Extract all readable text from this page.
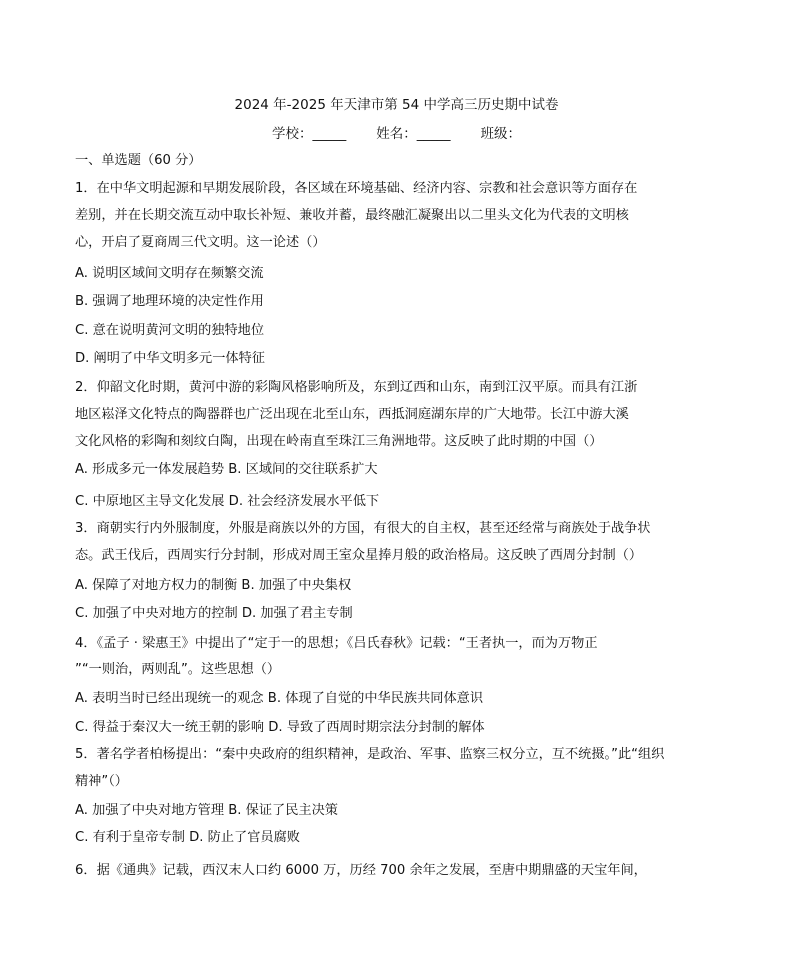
2024 年-2025 年天津市第 54 中学高三历史期中试卷
学校：_____ 姓名：_____ 班级：
一、单选题（60 分）
1．在中华文明起源和早期发展阶段，各区域在环境基础、经济内容、宗教和社会意识等方面存在
差别，并在长期交流互动中取长补短、兼收并蓄，最终融汇凝聚出以二里头文化为代表的文明核
心，开启了夏商周三代文明。这一论述（）
A. 说明区域间文明存在频繁交流
B. 强调了地理环境的决定性作用
C. 意在说明黄河文明的独特地位
D. 阐明了中华文明多元一体特征
2．仰韶文化时期，黄河中游的彩陶风格影响所及，东到辽西和山东，南到江汉平原。而具有江浙
地区崧泽文化特点的陶器群也广泛出现在北至山东，西抵洞庭湖东岸的广大地带。长江中游大溪
文化风格的彩陶和刻纹白陶，出现在岭南直至珠江三角洲地带。这反映了此时期的中国（）
A. 形成多元一体发展趋势 B. 区域间的交往联系扩大
C. 中原地区主导文化发展 D. 社会经济发展水平低下
3．商朝实行内外服制度，外服是商族以外的方国，有很大的自主权，甚至还经常与商族处于战争状
态。武王伐后，西周实行分封制，形成对周王室众星捧月般的政治格局。这反映了西周分封制（）
A. 保障了对地方权力的制衡 B. 加强了中央集权
C. 加强了中央对地方的控制 D. 加强了君主专制
4．《孟子 · 梁惠王》中提出了“定于一的思想；《吕氏春秋》记载：“王者执一，而为万物正
”“一则治，两则乱”。这些思想（）
A. 表明当时已经出现统一的观念 B. 体现了自觉的中华民族共同体意识
C. 得益于秦汉大一统王朝的影响 D. 导致了西周时期宗法分封制的解体
5．著名学者柏杨提出：“秦中央政府的组织精神，是政治、军事、监察三权分立，互不统摄。”此“组织
精神”（）
A. 加强了中央对地方管理 B. 保证了民主决策
C. 有利于皇帝专制 D. 防止了官员腐败
6．据《通典》记载，西汉末人口约 6000 万，历经 700 余年之发展，至唐中期鼎盛的天宝年间，
